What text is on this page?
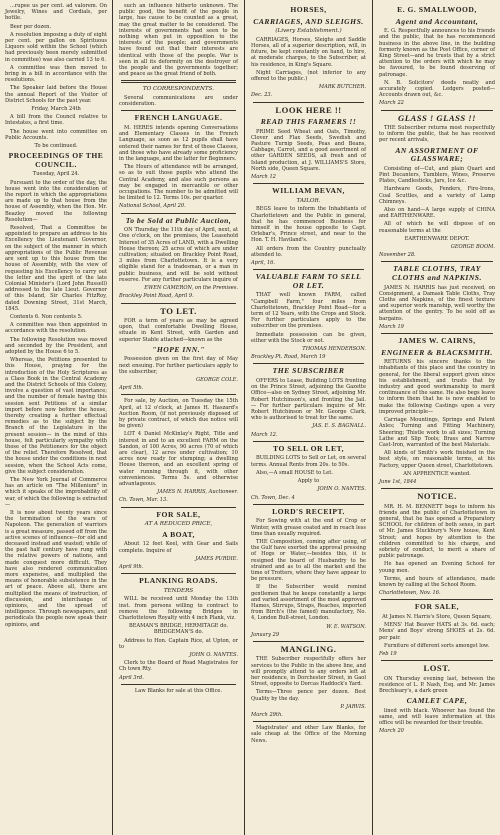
...rupee us per cent. ad valorem. On Jewelry, Wines and Cordials, per bottle.

Beer per dozen.

A resolution imposing a duty of eight per cent. per gallon on Spirituous Liquors sold within the School (which had previously been merely submitted in committee) was also carried 13 to 6.

A committee was then moved to bring in a bill in accordance with the resolutions.

The Speaker laid before the House the annual Report of the Visitor of District Schools for the past year.

Friday, March 24th

A bill from the Council relative to Intestates, a first time.

The house went into committee on Public Accounts.

To be continued.

PROCEEDINGS OF THE COUNCIL.

Tuesday, April 24.

Pursuant to the order of the day, the house went into the consideration of the report in which the appropriations are made up to that house from the house of Assembly, when the Hon. Mr. Beazley moved the following Resolution—

Resolved, That a Committee be appointed to prepare an address to his Excellency the Lieutenant Governor, on the subject of the manner in which appropriations of the Public Revenue are sent up to this house from the house of Assembly, with the view of requesting his Excellency to carry out the letter and the spirit of the late Colonial Minister's (Lord John Russell) addressed to the late Lieut. Governor of this Island, Sir Charles FitzRoy, dated Downing Street, 31st March, 1845.

Contents 6. Non contents 5.

A committee was then appointed in accordance with the resolution.

The following Resolution was moved and seconded by the President, and adopted by the House 6 to 5.

Whereas, the Petitions presented to this House, praying for the introduction of the Holy Scriptures as a Class Book in the Central Academy and the District Schools of this Colony, involve a question of vast importance; and the number of female having this session sent Petitions of a similar import before now before the house, thereby creating a further effectual remedies as to the subject by the Branch of the Legislature in the present session— in the mind of this house, felt particularly sympathy with those of the Petitioners for the object of the relief. Therefore Resolved, that the house under the conditions in next session, when the School Acts come, give the subject consideration.

The New York Journal of Commerce has an article on "The Millenium" in which it speaks of the improbability of war, of which the following is extracted—

It is now about twenty years since the termination of the wars of Napoleon. The generation of warriors is a great measure, passed off from the active scenes of influence—for old and deceased instead and wasted; while of the past half century have rung with the relative powers of nations, and made conquest more difficult. They have also rendered communication more expensive, and multiplied the means of honorable subsistence in the art of peace. Above all, there are multiplied the means of instruction, of discussion, and interchange of opinions, and the spread of intelligence. Through newspapers, and periodicals the people now speak their opinions, and

such an influence hitherto unknown. The public good, the benefit of the people in large, has cause to be counted as a great, may the great matter to be considered. The interests of governments had seen to be nothing when put in opposition to the interests of the people; and governments have found out that their interests are identical with those of the people. War is seen in all its deformity on the destroyer of the people and the governments together; and peace as the great friend of both.

TO CORRESPONDENTS.

Several communications are under consideration.

FRENCH LANGUAGE.

M. HERES intends opening Conversations and Elementary Classes in the French Language, as soon as 12 pupils shall have entered their names for first of those Classes, and those who have already some proficiency in the language, and the latter for Beginners.

The Hours of attendance will be arranged, so as to suit those pupils who attend the Central Academy, and also such persons as may be engaged in mercantile or other occupations. The number to be admitted will be limited to 12. Terms 10s. per quarter.

National School, April 20.

To be Sold at Public Auction,

ON Thursday the 11th day of April, next, at One o'clock, on the premises, the Leasehold Interest of 35 Acres of LAND, with a Dwelling House thereon; 25 acres of which are under cultivation; situated on Brackley Point Road, 3 miles from Charlottetown. It is a very eligible stand for a tradesman, or a man in public business, and will be sold without reserve. For any further particulars inquire of

EWEN CAMERON, on the Premises.

Brackley Point Road, April 9.

TO LET.

FOR a term of years as may be agreed upon, that comfortable Dwelling House, situate in Kent Street, with Garden and superior Stable attached—known as the

"HOPE INN."

Possession given on the first day of May next ensuing. For further particulars apply to the subscriber,

GEORGE COLE.

April 5th.

For sale, by Auction, on Tuesday the 15th April, at 12 o'clock, at James H. Haszard's Auction Room, (if not previously disposed of by private contract, of which due notice will be given)

LOT 4 Daniel McKinlay's Right, Title and interest in and to an excellent FARM on the Sandon, of 100 Acres, 90 acres (70 of which are clear), 12 acres under cultivation; 10 acres now ready for stumping; a dwelling House thereon, and an excellent spring of water running through it, with other conveniences. Terms 5s. and otherwise advantageous.

JAMES N. HARRIS, Auctioneer.

Ch. Town, Mar. 13.

FOR SALE,
AT A REDUCED PRICE,
A BOAT,

About 12 feet Keel, with Gear and Sails complete. Inquire of

JAMES PURDIE.

April 9th.

PLANKING ROADS.
TENDERS

WILL be received until Monday the 13th inst. from persons willing to contract to remove the following Bridges in Charlottetown Royalty with 4 inch Plank, viz.

BEAMAN'S BRIDGE, HERMITAGE do. BRIDGEMAN'S do.

Address to Hon. Captain Rice, at Upton, or to

JOHN O. NANTES.

Clerk to the Board of Road Magistrates for Ch town Rty.

April 3rd.

Law Blanks for sale at this Office.

HORSES,
CARRIAGES, AND SLEIGHS.
(Livery Establishment.)

CARRIAGES, Horses, Sleighs and Saddle Horses, all of a superior description, will, in future, be kept constantly on hand, to hire, at moderate charges, to the Subscriber, at his residence, in King's Square.

Night Carriages, (not inferior to any offered to the public.)

MARK BUTCHER.

Dec. 23.

LOOK HERE !!
READ THIS FARMERS !!

PRIME Seed Wheat and Oats, Timothy, Clover and Flax Seeds, Swedish and Pasture Turnip Seeds, Peas and Beans, Cabbage, Carrot, and a good assortment of other GARDEN SEEDS, all fresh and of Island production, at J. WILLIAMS'S Store, North side, Queen Square.

March 12

WILLIAM BEVAN,
TAILOR.

BEGS leave to inform the Inhabitants of Charlottetown and the Public in general, that he has commenced Business for himself in the house opposite to Capt. Orlebar's, Prince street, and near to the Hon. T. H. Haviland's.

All orders from the Country punctually attended to.

April, 16.

VALUABLE FARM TO SELL OR LET.

THAT well known FARM, called "Campbell Farm," four miles from Charlottetown, Brackley Point Road—for a term of 12 Years, with the Crops and Stock. For further particulars apply to the subscriber on the premises.

Immediate possession can be given, either with the Stock or not.

THOMAS HENDERSON.

Brackley Pt. Road, March 19

THE SUBSCRIBER

OFFERS to Lease, Building LOTS fronting on the Prince Street, adjoining the Gazette Office—also on Sydney Street, adjoining Mr. Robert Hutchinson's, and fronting the Jail.— For further particulars inquire of Mr. Robert Hutchinson or Mr. George Clark, who is authorised to treat for the same.

JAS. E. S. BAGNALL.

March 12.

TO SELL OR LET,

BUILDING LOTS to Sell or Let, on several terms. Annual Rents from 20s. to 50s.

Also,—A small HOUSE to Let.

Apply to

JOHN O. NANTES.

Ch. Town, Dec. 4

LORD'S RECEIPT.

For Sowing with at the end of Crop or Winter, with grease coated and in reach less time than usually required.

THE Composition, coming after using, of the Gulf have exerted the approval pressing of Hogs or Water,—besides this, it is resigned the board of Husbandry to be strained and as to all the market and the time of Trotters, where they have appear to be pressure.

If the Subscriber would remind gentlemen that he keeps constantly a large and varied assortment of the most approved Hames, Stirrups, Straps, Reaches, imported from Birch's (the famed) manufactory, No. 4, London Bull-street, London.

W. E. WATSON.

January 29

MANGLING.

THE Subscriber respectfully offers her services to the Public in the above line, and will promptly attend to any orders left at her residence, in Dorchester Street, in Gaol Street, opposite to Dorcas Haddock's Yard.

Terms—Three pence per dozen. Best Quality by the day.

P. JARVIS.

March 29th.

Magistrates' and other Law Blanks, for sale cheap at the Office of the Morning News.

E. G. SMALLWOOD,
Agent and Accountant,

E. G. Respectfully announces to his friends and the public, that he has recommenced business in the above line, in the building formerly known as the Post Office, corner of King Street—and he trusts that by a strict attention to the orders with which he may be favoured, to be found deserving of patronage.

N. B. Solicitors' deeds neatly and accurately copied. Ledgers posted—Accounts drawn out, &c.

March 22

GLASS ! GLASS !!

THE Subscriber returns most respectfully to inform the public, that he has received per recent arrivals,

AN ASSORTMENT OF GLASSWARE;

Consisting of—Cut, and plain Quart and Pint Decanters, Tumblers, Wines, Preserve Plates, Candlesticks, Jars, Ice &c.

Hardware Goods, Fenders, Fire-Irons, Coal Scuttles, and a variety of Lamp Chimneys.

Also on hand—A large supply of CHINA and EARTHENWARE.

All of which he will dispose of on reasonable terms at the

EARTHENWARE DEPOT.

GEORGE BOOM.

November 28.

TABLE CLOTHS, TRAY CLOTHS and NAPKINS.

JAMES N. HARRIS has just received, on Consignment, a Damask Table Cloths, Tray Cloths and Napkins, of the finest texture and superior work manship, well worthy the attention of the gentry. To be sold off as bargains.

March 19

JAMES W. CAIRNS,
ENGINEER & BLACKSMITH.

RETURNS his sincere thanks to the inhabitants of this place and the country in general, for the liberal support given since his establishment, and trusts that by industry and good workmanship to merit continuance of the same. He also begs leave to inform them that he is now enabled to make the following Castings upon a very improved principle—

Carriage Mountings, Springs and Patent Axles; Turning and Fitting Machinery, Sheering; Thistle work to all sizes; Turning Lathe and Slip Tools; Brass and Narrow Cast-Iron, warranted of the best Materials.

All kinds of Smith's work finished in the best style, on reasonable terms, at his Factory, upper Queen street, Charlottetown.

AN APPRENTICE wanted.

June 1st, 1844

NOTICE.

MR. H. M. BENNETT begs to inform his friends and the public of Charlottetown in general, that he has opened a Preparatory SCHOOL for children of both sexes, in part of Mr. James Stuckbury's New house, Kent Street; and hopes by attention to the children committed to his charge, and sobriety of conduct, to merit a share of public patronage.

He has opened an Evening School for young men.

Terms, and hours of attendance, made known by calling at the School Room.

Charlottetown, Nov. 16.

FOR SALE,

At James N. Harris's Store, Queen Square,

MENS' Hat Beaver HATS at 3s. 6d. each; Mens' and Boys' strong SHOES at 2s. 6d. per pair.

Furniture of different sorts amongst low.

Feb 19

LOST.

ON Thursday evening last, between the residence of L. P. Nash, Esq. and Mr. James Brechleary's, a dark green

CAMLET CAPE,

lined with black. Whoever has found the same, and will leave information at this office will be rewarded for their trouble.

March 20
